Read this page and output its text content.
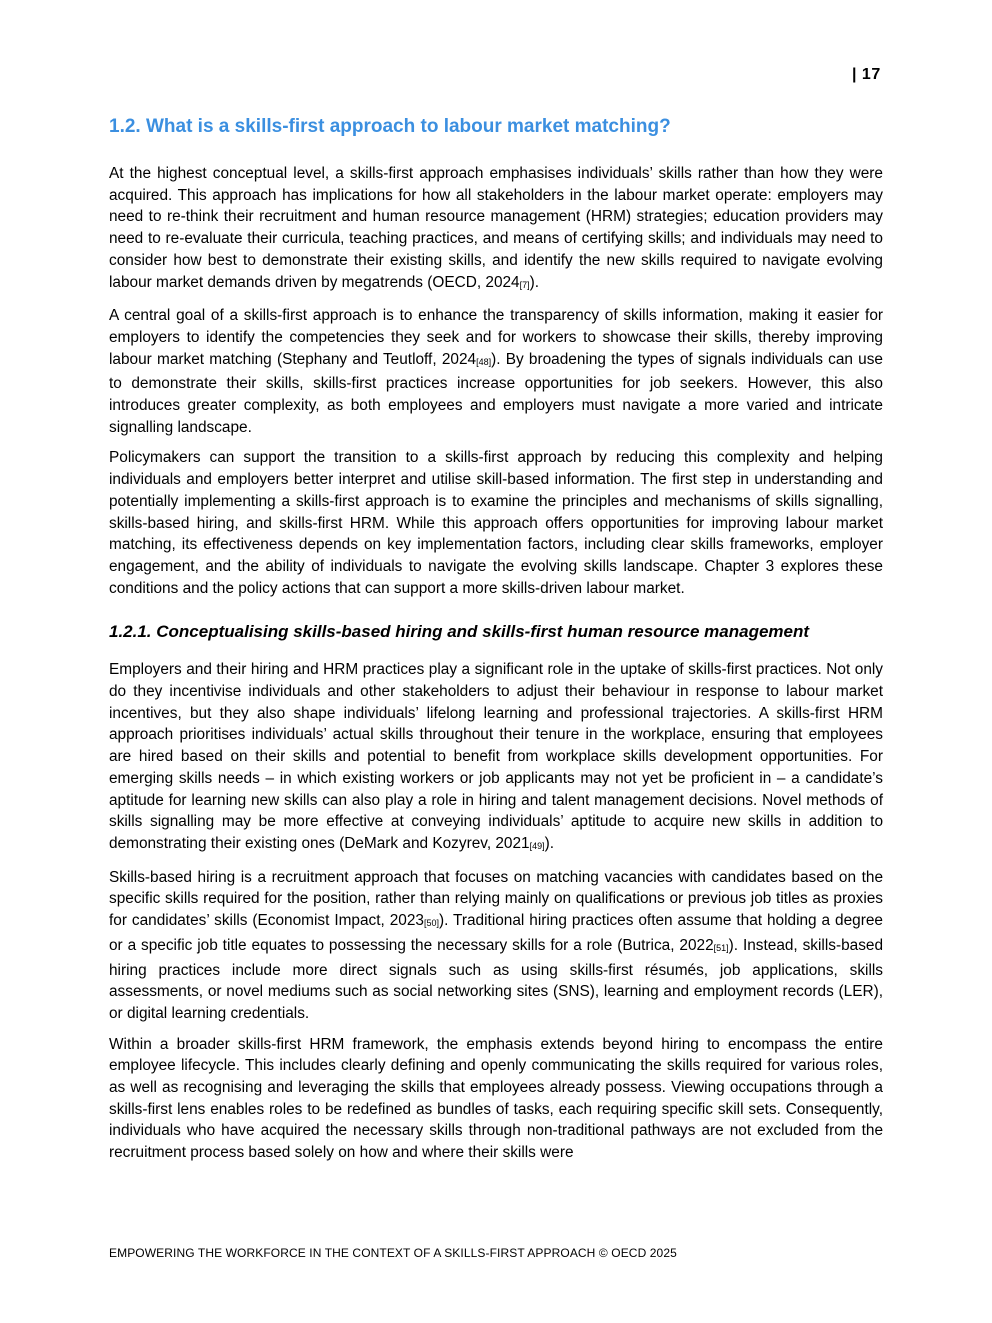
| 17
1.2. What is a skills-first approach to labour market matching?

At the highest conceptual level, a skills-first approach emphasises individuals’ skills rather than how they were acquired. This approach has implications for how all stakeholders in the labour market operate: employers may need to re-think their recruitment and human resource management (HRM) strategies; education providers may need to re-evaluate their curricula, teaching practices, and means of certifying skills; and individuals may need to consider how best to demonstrate their existing skills, and identify the new skills required to navigate evolving labour market demands driven by megatrends (OECD, $2024_{[7]}$).

A central goal of a skills-first approach is to enhance the transparency of skills information, making it easier for employers to identify the competencies they seek and for workers to showcase their skills, thereby improving labour market matching (Stephany and Teutloff, $2024_{[48]}$). By broadening the types of signals individuals can use to demonstrate their skills, skills-first practices increase opportunities for job seekers. However, this also introduces greater complexity, as both employees and employers must navigate a more varied and intricate signalling landscape.

Policymakers can support the transition to a skills-first approach by reducing this complexity and helping individuals and employers better interpret and utilise skill-based information. The first step in understanding and potentially implementing a skills-first approach is to examine the principles and mechanisms of skills signalling, skills-based hiring, and skills-first HRM. While this approach offers opportunities for improving labour market matching, its effectiveness depends on key implementation factors, including clear skills frameworks, employer engagement, and the ability of individuals to navigate the evolving skills landscape. Chapter 3 explores these conditions and the policy actions that can support a more skills-driven labour market.

1.2.1. Conceptualising skills-based hiring and skills-first human resource management

Employers and their hiring and HRM practices play a significant role in the uptake of skills-first practices. Not only do they incentivise individuals and other stakeholders to adjust their behaviour in response to labour market incentives, but they also shape individuals’ lifelong learning and professional trajectories. A skills-first HRM approach prioritises individuals’ actual skills throughout their tenure in the workplace, ensuring that employees are hired based on their skills and potential to benefit from workplace skills development opportunities. For emerging skills needs – in which existing workers or job applicants may not yet be proficient in – a candidate’s aptitude for learning new skills can also play a role in hiring and talent management decisions. Novel methods of skills signalling may be more effective at conveying individuals’ aptitude to acquire new skills in addition to demonstrating their existing ones (DeMark and Kozyrev, $2021_{[49]}$).

Skills-based hiring is a recruitment approach that focuses on matching vacancies with candidates based on the specific skills required for the position, rather than relying mainly on qualifications or previous job titles as proxies for candidates’ skills (Economist Impact, $2023_{[50]}$). Traditional hiring practices often assume that holding a degree or a specific job title equates to possessing the necessary skills for a role (Butrica, $2022_{[51]}$). Instead, skills-based hiring practices include more direct signals such as using skills-first résumés, job applications, skills assessments, or novel mediums such as social networking sites (SNS), learning and employment records (LER), or digital learning credentials.

Within a broader skills-first HRM framework, the emphasis extends beyond hiring to encompass the entire employee lifecycle. This includes clearly defining and openly communicating the skills required for various roles, as well as recognising and leveraging the skills that employees already possess. Viewing occupations through a skills-first lens enables roles to be redefined as bundles of tasks, each requiring specific skill sets. Consequently, individuals who have acquired the necessary skills through non-traditional pathways are not excluded from the recruitment process based solely on how and where their skills were

EMPOWERING THE WORKFORCE IN THE CONTEXT OF A SKILLS-FIRST APPROACH © OECD 2025
